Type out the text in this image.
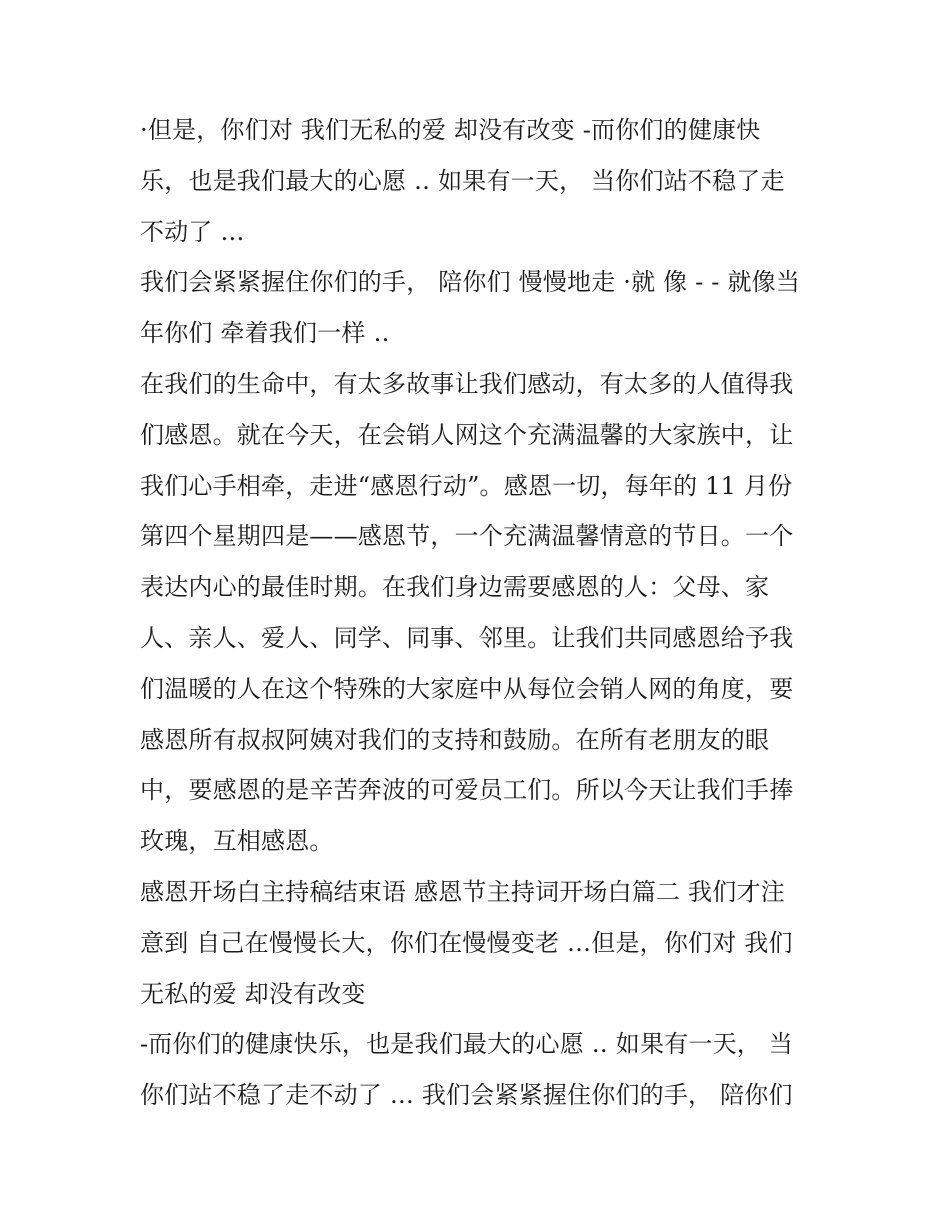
·但是，你们对 我们无私的爱 却没有改变 -而你们的健康快
乐，也是我们最大的心愿 ‥ 如果有一天， 当你们站不稳了走
不动了 …
我们会紧紧握住你们的手， 陪你们 慢慢地走 ·就 像 - - 就像当
年你们 牵着我们一样 ‥
在我们的生命中，有太多故事让我们感动，有太多的人值得我
们感恩。就在今天，在会销人网这个充满温馨的大家族中，让
我们心手相牵，走进“感恩行动”。感恩一切，每年的 11 月份
第四个星期四是——感恩节，一个充满温馨情意的节日。一个
表达内心的最佳时期。在我们身边需要感恩的人：父母、家
人、亲人、爱人、同学、同事、邻里。让我们共同感恩给予我
们温暖的人在这个特殊的大家庭中从每位会销人网的角度，要
感恩所有叔叔阿姨对我们的支持和鼓励。在所有老朋友的眼
中，要感恩的是辛苦奔波的可爱员工们。所以今天让我们手捧
玫瑰，互相感恩。
感恩开场白主持稿结束语 感恩节主持词开场白篇二 我们才注
意到 自己在慢慢长大，你们在慢慢变老 …但是，你们对 我们
无私的爱 却没有改变
-而你们的健康快乐，也是我们最大的心愿 ‥ 如果有一天， 当
你们站不稳了走不动了 … 我们会紧紧握住你们的手， 陪你们
